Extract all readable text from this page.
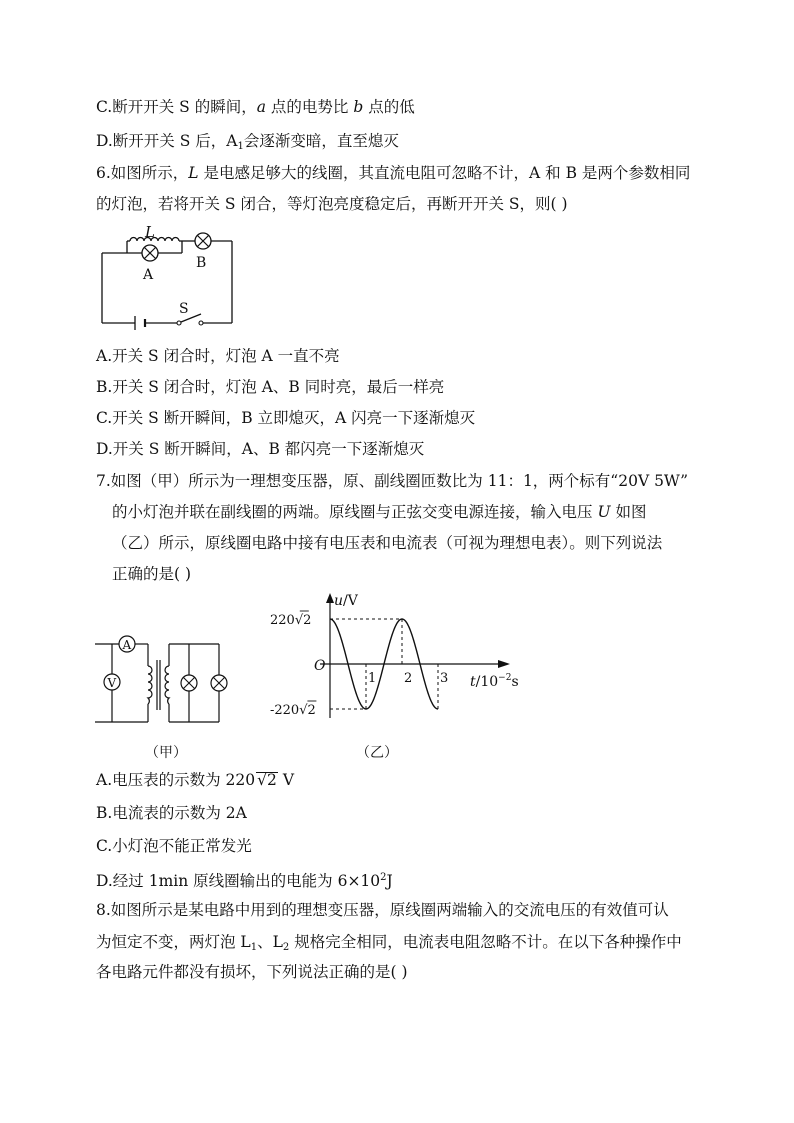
C.断开开关 S 的瞬间，a 点的电势比 b 点的低
D.断开开关 S 后，$A_1$会逐渐变暗，直至熄灭
6.如图所示，L 是电感足够大的线圈，其直流电阻可忽略不计，A 和 B 是两个参数相同
的灯泡，若将开关 S 闭合，等灯泡亮度稳定后，再断开开关 S，则( )
L
A
B
S
A.开关 S 闭合时，灯泡 A 一直不亮
B.开关 S 闭合时，灯泡 A、B 同时亮，最后一样亮
C.开关 S 断开瞬间，B 立即熄灭，A 闪亮一下逐渐熄灭
D.开关 S 断开瞬间，A、B 都闪亮一下逐渐熄灭
7.如图（甲）所示为一理想变压器，原、副线圈匝数比为 11：1，两个标有“20V 5W”
的小灯泡并联在副线圈的两端。原线圈与正弦交变电源连接，输入电压 U 如图
（乙）所示，原线圈电路中接有电压表和电流表（可视为理想电表）。则下列说法
正确的是( )
A
V
（甲）
u/V
O
$t/10^{-2}s$
1 2 3
220√2
-220√2
（乙）
A.电压表的示数为 220 √2 V
B.电流表的示数为 2A
C.小灯泡不能正常发光
D.经过 1min 原线圈输出的电能为 $6\times 10^2J$
8.如图所示是某电路中用到的理想变压器，原线圈两端输入的交流电压的有效值可认
为恒定不变，两灯泡 $L_1$、$L_2$ 规格完全相同，电流表电阻忽略不计。在以下各种操作中
各电路元件都没有损坏，下列说法正确的是( )
